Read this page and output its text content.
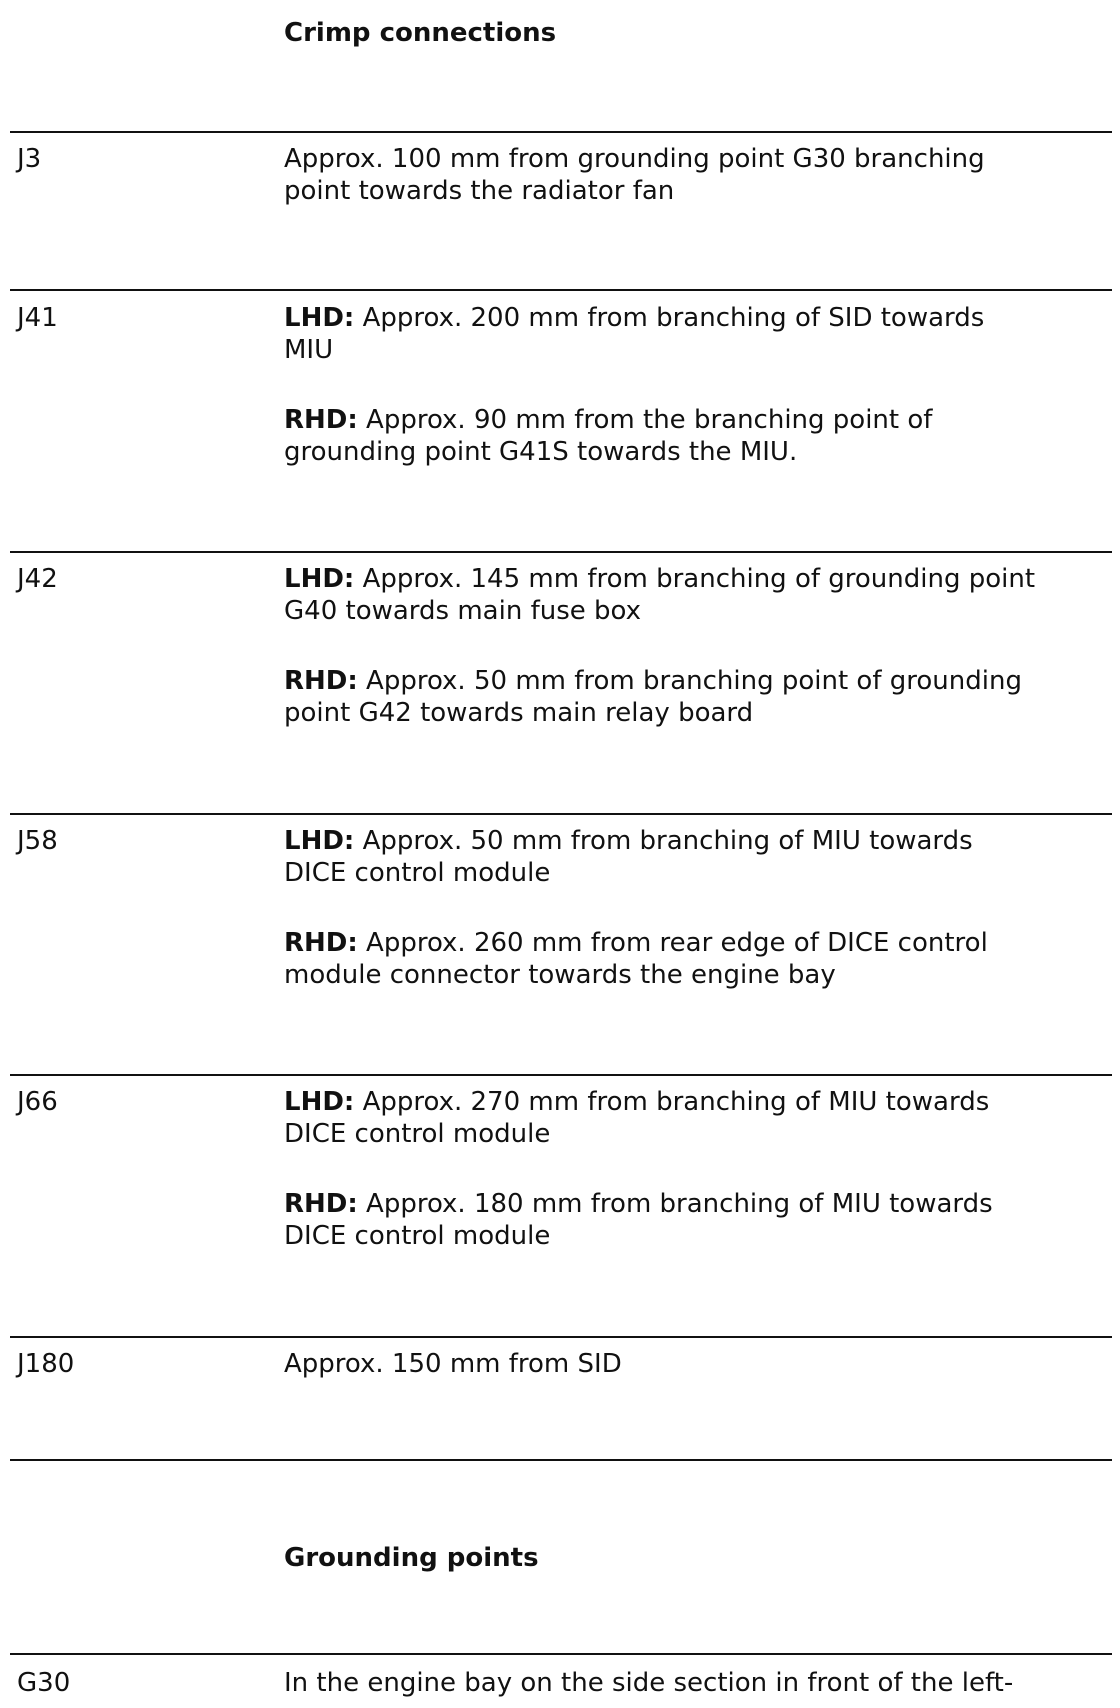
Crimp connections
J3	Approx. 100 mm from grounding point G30 branching
point towards the radiator fan

J41	LHD: Approx. 200 mm from branching of SID towards
MIU

RHD: Approx. 90 mm from the branching point of
grounding point G41S towards the MIU.

J42	LHD: Approx. 145 mm from branching of grounding point
G40 towards main fuse box

RHD: Approx. 50 mm from branching point of grounding
point G42 towards main relay board

J58	LHD: Approx. 50 mm from branching of MIU towards
DICE control module

RHD: Approx. 260 mm from rear edge of DICE control
module connector towards the engine bay

J66	LHD: Approx. 270 mm from branching of MIU towards
DICE control module

RHD: Approx. 180 mm from branching of MIU towards
DICE control module

J180	Approx. 150 mm from SID

Grounding points
G30	In the engine bay on the side section in front of the left-
